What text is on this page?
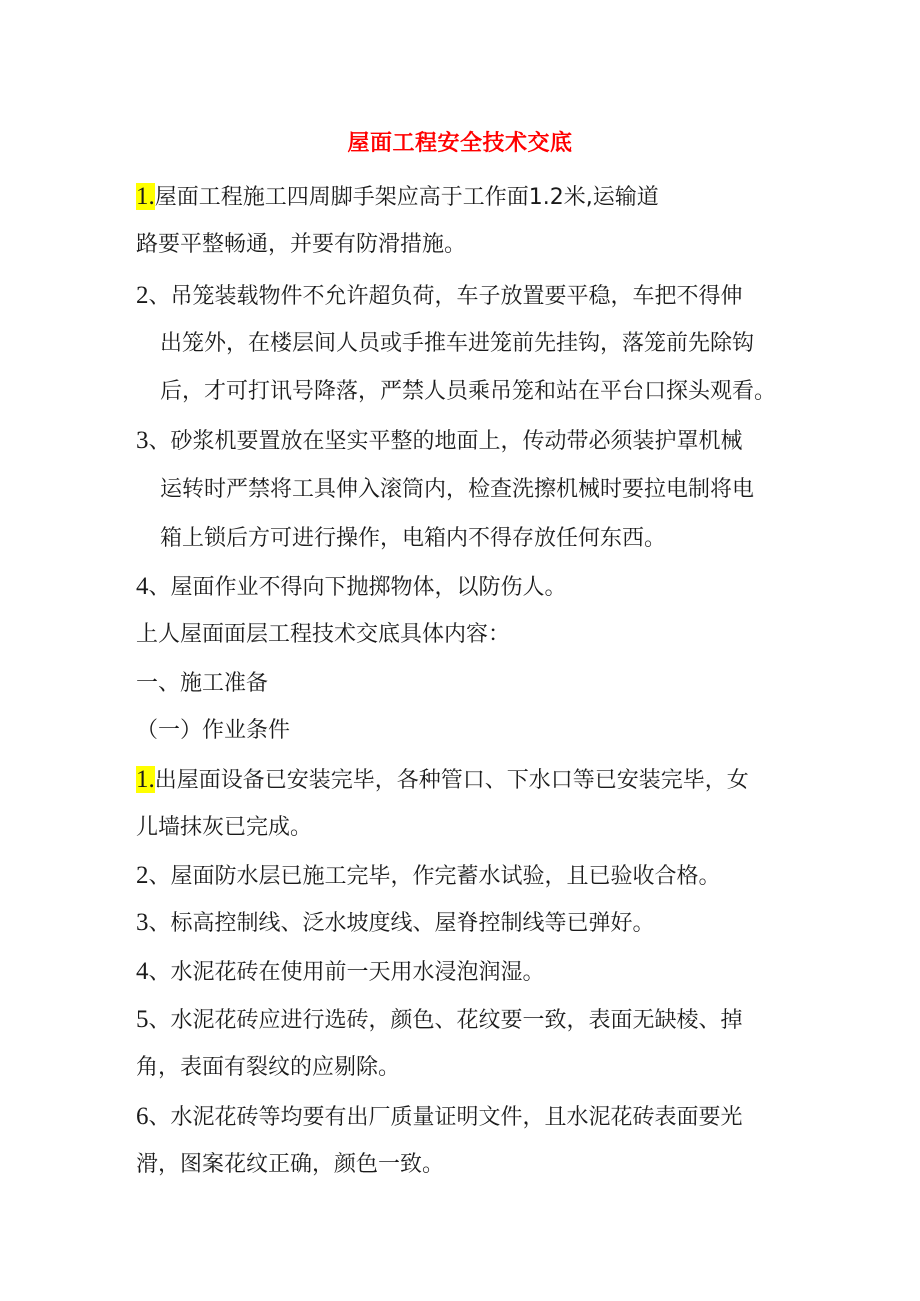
屋面工程安全技术交底
1.屋面工程施工四周脚手架应高于工作面1.2米,运输道
路要平整畅通，并要有防滑措施。
2、吊笼装载物件不允许超负荷，车子放置要平稳，车把不得伸
出笼外，在楼层间人员或手推车进笼前先挂钩，落笼前先除钩
后，才可打讯号降落，严禁人员乘吊笼和站在平台口探头观看。
3、砂浆机要置放在坚实平整的地面上，传动带必须装护罩机械
运转时严禁将工具伸入滚筒内，检查洗擦机械时要拉电制将电
箱上锁后方可进行操作，电箱内不得存放任何东西。
4、屋面作业不得向下抛掷物体，以防伤人。
上人屋面面层工程技术交底具体内容：
一、施工准备
（一）作业条件
1.出屋面设备已安装完毕，各种管口、下水口等已安装完毕，女
儿墙抹灰已完成。
2、屋面防水层已施工完毕，作完蓄水试验，且已验收合格。
3、标高控制线、泛水坡度线、屋脊控制线等已弹好。
4、水泥花砖在使用前一天用水浸泡润湿。
5、水泥花砖应进行选砖，颜色、花纹要一致，表面无缺棱、掉
角，表面有裂纹的应剔除。
6、水泥花砖等均要有出厂质量证明文件，且水泥花砖表面要光
滑，图案花纹正确，颜色一致。
